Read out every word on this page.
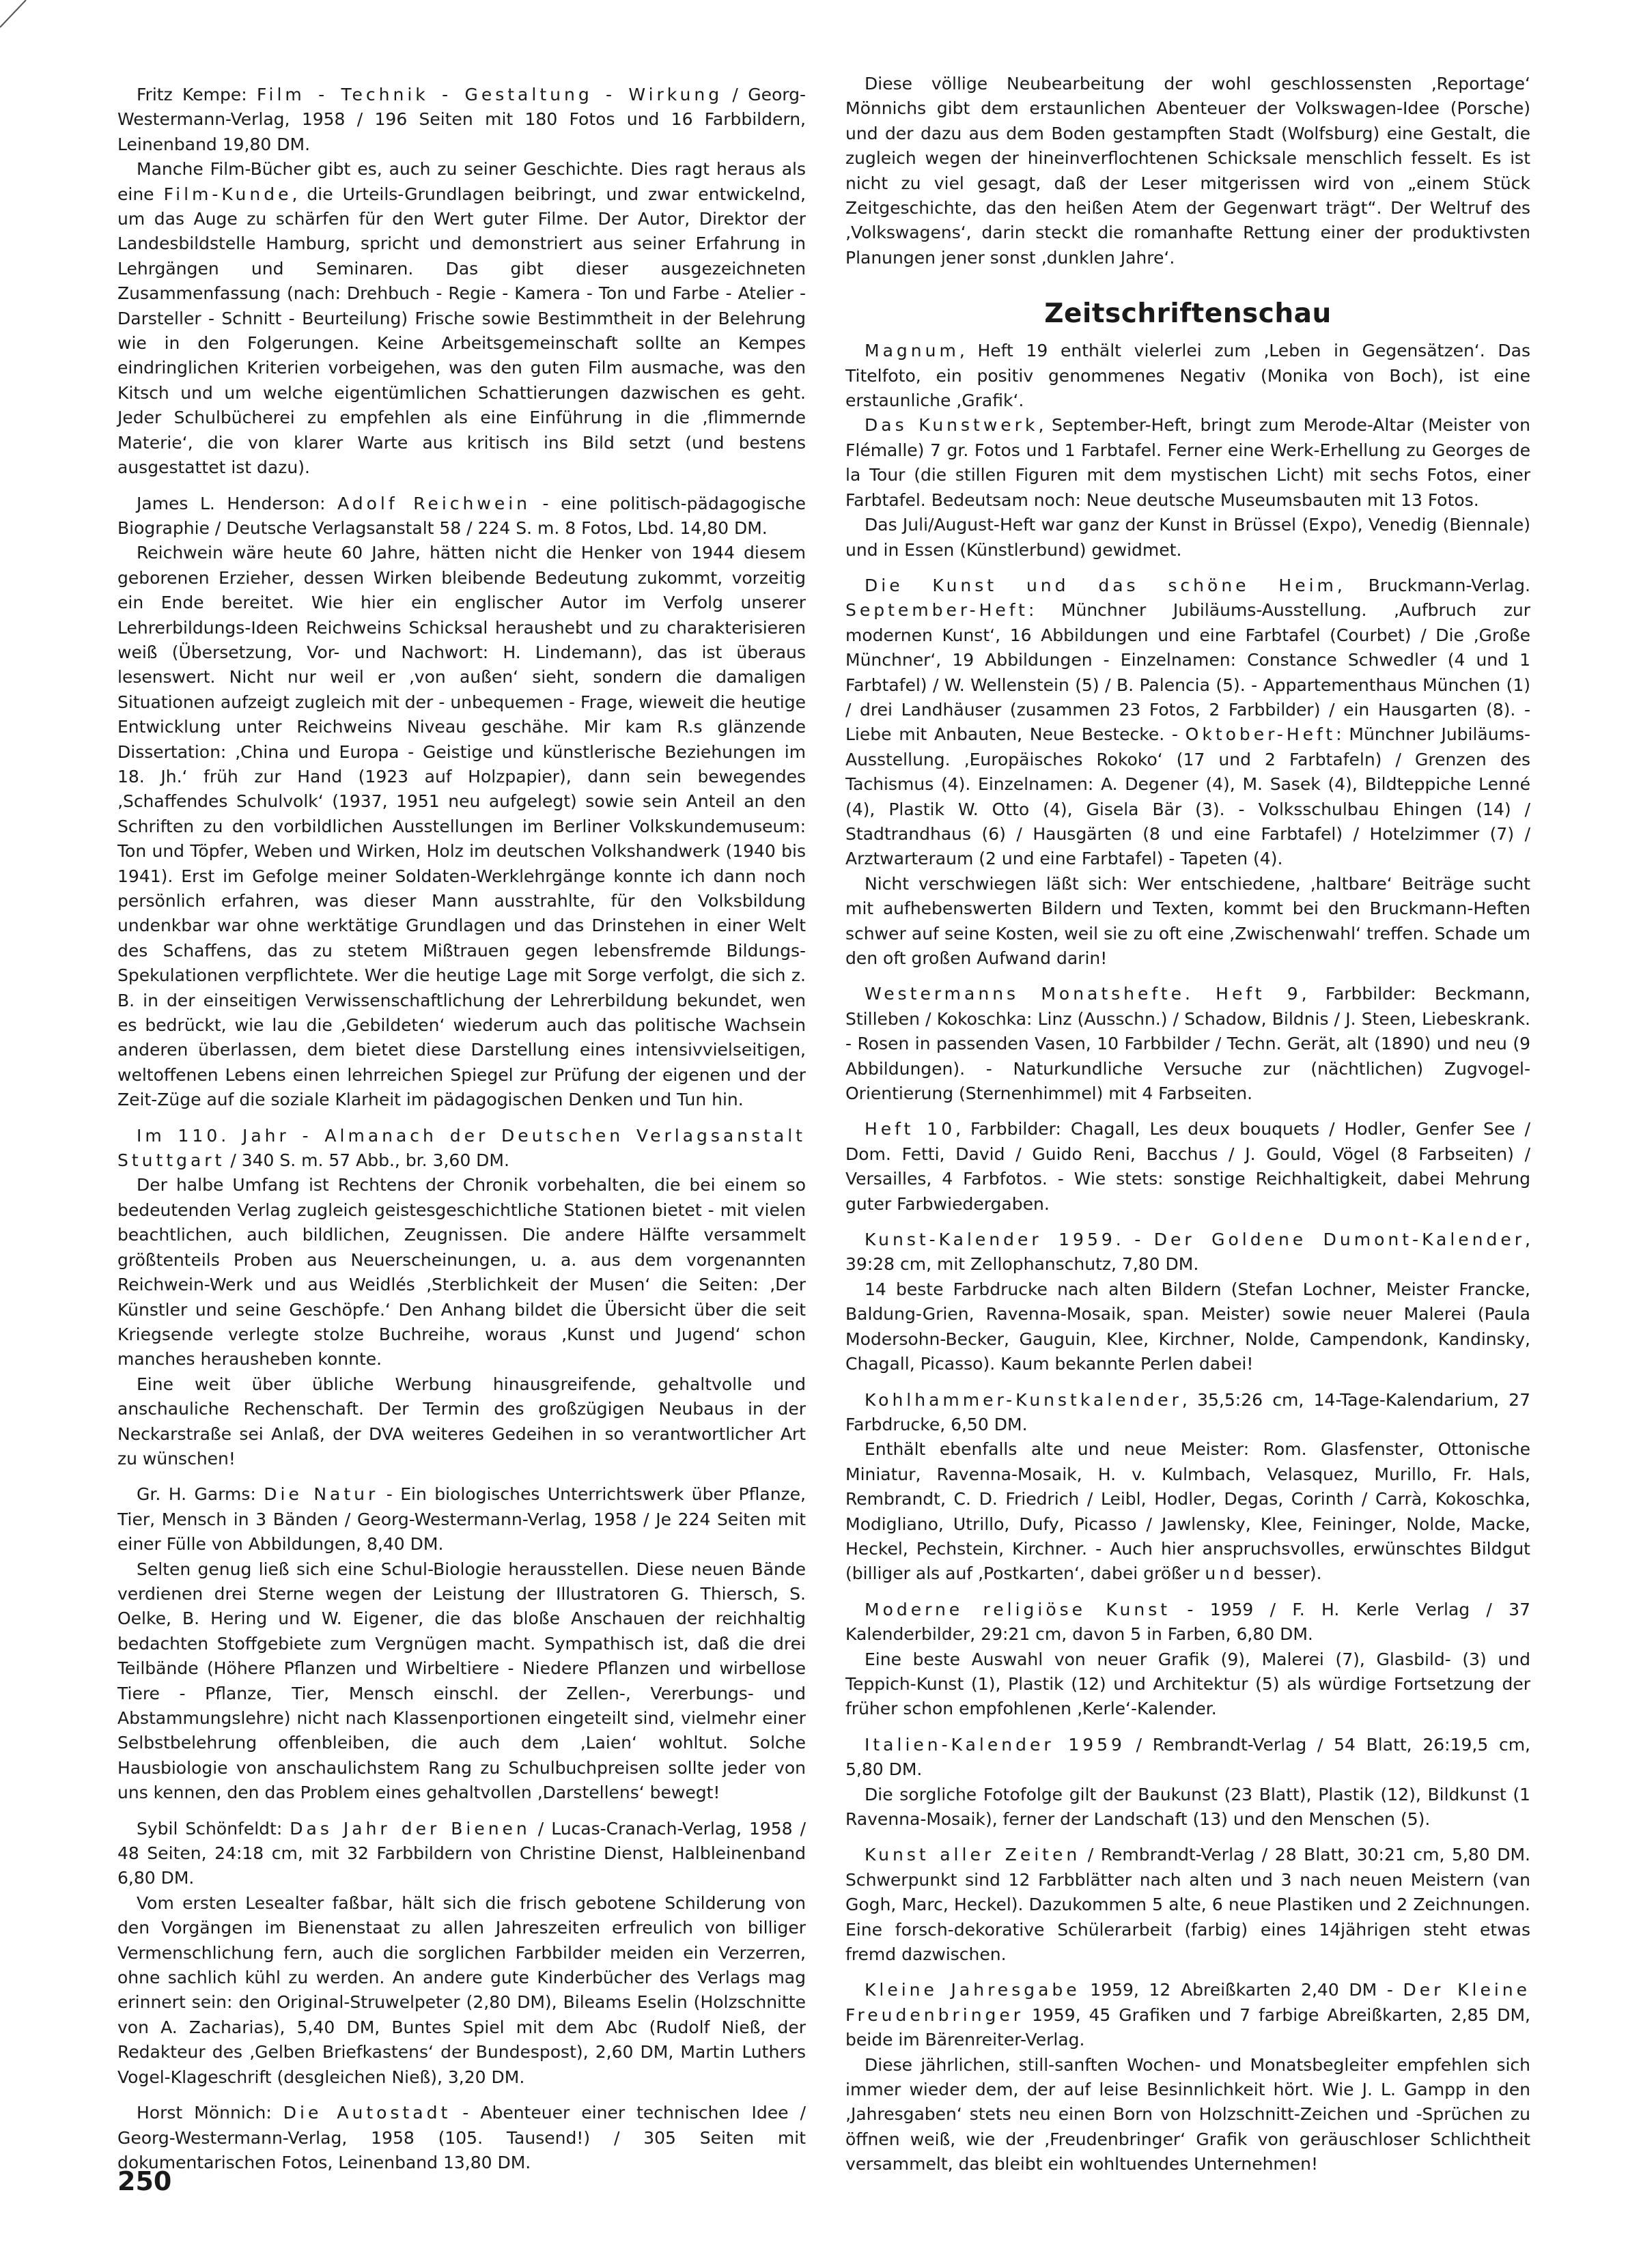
Fritz Kempe: Film - Technik - Gestaltung - Wirkung / Georg-Westermann-Verlag, 1958 / 196 Seiten mit 180 Fotos und 16 Farbbildern, Leinenband 19,80 DM.

Manche Film-Bücher gibt es, auch zu seiner Geschichte. Dies ragt heraus als eine Film-Kunde, die Urteils-Grundlagen beibringt, und zwar entwickelnd, um das Auge zu schärfen für den Wert guter Filme. Der Autor, Direktor der Landesbildstelle Hamburg, spricht und demonstriert aus seiner Erfahrung in Lehrgängen und Seminaren. Das gibt dieser ausgezeichneten Zusammenfassung (nach: Drehbuch - Regie - Kamera - Ton und Farbe - Atelier - Darsteller - Schnitt - Beurteilung) Frische sowie Bestimmtheit in der Belehrung wie in den Folgerungen. Keine Arbeitsgemeinschaft sollte an Kempes eindringlichen Kriterien vorbeigehen, was den guten Film ausmache, was den Kitsch und um welche eigentümlichen Schattierungen dazwischen es geht. Jeder Schulbücherei zu empfehlen als eine Einführung in die ‚flimmernde Materie‘, die von klarer Warte aus kritisch ins Bild setzt (und bestens ausgestattet ist dazu).

James L. Henderson: Adolf Reichwein - eine politisch-pädagogische Biographie / Deutsche Verlagsanstalt 58 / 224 S. m. 8 Fotos, Lbd. 14,80 DM.

Reichwein wäre heute 60 Jahre, hätten nicht die Henker von 1944 diesem geborenen Erzieher, dessen Wirken bleibende Bedeutung zukommt, vorzeitig ein Ende bereitet. Wie hier ein englischer Autor im Verfolg unserer Lehrerbildungs-Ideen Reichweins Schicksal heraushebt und zu charakterisieren weiß (Übersetzung, Vor- und Nachwort: H. Lindemann), das ist überaus lesenswert. Nicht nur weil er ‚von außen‘ sieht, sondern die damaligen Situationen aufzeigt zugleich mit der - unbequemen - Frage, wieweit die heutige Entwicklung unter Reichweins Niveau geschähe. Mir kam R.s glänzende Dissertation: ‚China und Europa - Geistige und künstlerische Beziehungen im 18. Jh.‘ früh zur Hand (1923 auf Holzpapier), dann sein bewegendes ‚Schaffendes Schulvolk‘ (1937, 1951 neu aufgelegt) sowie sein Anteil an den Schriften zu den vorbildlichen Ausstellungen im Berliner Volkskundemuseum: Ton und Töpfer, Weben und Wirken, Holz im deutschen Volkshandwerk (1940 bis 1941). Erst im Gefolge meiner Soldaten-Werklehrgänge konnte ich dann noch persönlich erfahren, was dieser Mann ausstrahlte, für den Volksbildung undenkbar war ohne werktätige Grundlagen und das Drinstehen in einer Welt des Schaffens, das zu stetem Mißtrauen gegen lebensfremde Bildungs-Spekulationen verpflichtete. Wer die heutige Lage mit Sorge verfolgt, die sich z. B. in der einseitigen Verwissenschaftlichung der Lehrerbildung bekundet, wen es bedrückt, wie lau die ‚Gebildeten‘ wiederum auch das politische Wachsein anderen überlassen, dem bietet diese Darstellung eines intensivvielseitigen, weltoffenen Lebens einen lehrreichen Spiegel zur Prüfung der eigenen und der Zeit-Züge auf die soziale Klarheit im pädagogischen Denken und Tun hin.

Im 110. Jahr - Almanach der Deutschen Verlagsanstalt Stuttgart / 340 S. m. 57 Abb., br. 3,60 DM.

Der halbe Umfang ist Rechtens der Chronik vorbehalten, die bei einem so bedeutenden Verlag zugleich geistesgeschichtliche Stationen bietet - mit vielen beachtlichen, auch bildlichen, Zeugnissen. Die andere Hälfte versammelt größtenteils Proben aus Neuerscheinungen, u. a. aus dem vorgenannten Reichwein-Werk und aus Weidlés ‚Sterblichkeit der Musen‘ die Seiten: ‚Der Künstler und seine Geschöpfe.‘ Den Anhang bildet die Übersicht über die seit Kriegsende verlegte stolze Buchreihe, woraus ‚Kunst und Jugend‘ schon manches herausheben konnte.

Eine weit über übliche Werbung hinausgreifende, gehaltvolle und anschauliche Rechenschaft. Der Termin des großzügigen Neubaus in der Neckarstraße sei Anlaß, der DVA weiteres Gedeihen in so verantwortlicher Art zu wünschen!

Gr. H. Garms: Die Natur - Ein biologisches Unterrichtswerk über Pflanze, Tier, Mensch in 3 Bänden / Georg-Westermann-Verlag, 1958 / Je 224 Seiten mit einer Fülle von Abbildungen, 8,40 DM.

Selten genug ließ sich eine Schul-Biologie herausstellen. Diese neuen Bände verdienen drei Sterne wegen der Leistung der Illustratoren G. Thiersch, S. Oelke, B. Hering und W. Eigener, die das bloße Anschauen der reichhaltig bedachten Stoffgebiete zum Vergnügen macht. Sympathisch ist, daß die drei Teilbände (Höhere Pflanzen und Wirbeltiere - Niedere Pflanzen und wirbellose Tiere - Pflanze, Tier, Mensch einschl. der Zellen-, Vererbungs- und Abstammungslehre) nicht nach Klassenportionen eingeteilt sind, vielmehr einer Selbstbelehrung offenbleiben, die auch dem ‚Laien‘ wohltut. Solche Hausbiologie von anschaulichstem Rang zu Schulbuchpreisen sollte jeder von uns kennen, den das Problem eines gehaltvollen ‚Darstellens‘ bewegt!

Sybil Schönfeldt: Das Jahr der Bienen / Lucas-Cranach-Verlag, 1958 / 48 Seiten, 24:18 cm, mit 32 Farbbildern von Christine Dienst, Halbleinenband 6,80 DM.

Vom ersten Lesealter faßbar, hält sich die frisch gebotene Schilderung von den Vorgängen im Bienenstaat zu allen Jahreszeiten erfreulich von billiger Vermenschlichung fern, auch die sorglichen Farbbilder meiden ein Verzerren, ohne sachlich kühl zu werden. An andere gute Kinderbücher des Verlags mag erinnert sein: den Original-Struwelpeter (2,80 DM), Bileams Eselin (Holzschnitte von A. Zacharias), 5,40 DM, Buntes Spiel mit dem Abc (Rudolf Nieß, der Redakteur des ‚Gelben Briefkastens‘ der Bundespost), 2,60 DM, Martin Luthers Vogel-Klageschrift (desgleichen Nieß), 3,20 DM.

Horst Mönnich: Die Autostadt - Abenteuer einer technischen Idee / Georg-Westermann-Verlag, 1958 (105. Tausend!) / 305 Seiten mit dokumentarischen Fotos, Leinenband 13,80 DM.

Diese völlige Neubearbeitung der wohl geschlossensten ‚Reportage‘ Mönnichs gibt dem erstaunlichen Abenteuer der Volkswagen-Idee (Porsche) und der dazu aus dem Boden gestampften Stadt (Wolfsburg) eine Gestalt, die zugleich wegen der hineinverflochtenen Schicksale menschlich fesselt. Es ist nicht zu viel gesagt, daß der Leser mitgerissen wird von „einem Stück Zeitgeschichte, das den heißen Atem der Gegenwart trägt“. Der Weltruf des ‚Volkswagens‘, darin steckt die romanhafte Rettung einer der produktivsten Planungen jener sonst ‚dunklen Jahre‘.

Zeitschriftenschau

Magnum, Heft 19 enthält vielerlei zum ‚Leben in Gegensätzen‘. Das Titelfoto, ein positiv genommenes Negativ (Monika von Boch), ist eine erstaunliche ‚Grafik‘.

Das Kunstwerk, September-Heft, bringt zum Merode-Altar (Meister von Flémalle) 7 gr. Fotos und 1 Farbtafel. Ferner eine Werk-Erhellung zu Georges de la Tour (die stillen Figuren mit dem mystischen Licht) mit sechs Fotos, einer Farbtafel. Bedeutsam noch: Neue deutsche Museumsbauten mit 13 Fotos.

Das Juli/August-Heft war ganz der Kunst in Brüssel (Expo), Venedig (Biennale) und in Essen (Künstlerbund) gewidmet.

Die Kunst und das schöne Heim, Bruckmann-Verlag. September-Heft: Münchner Jubiläums-Ausstellung. ‚Aufbruch zur modernen Kunst‘, 16 Abbildungen und eine Farbtafel (Courbet) / Die ‚Große Münchner‘, 19 Abbildungen - Einzelnamen: Constance Schwedler (4 und 1 Farbtafel) / W. Wellenstein (5) / B. Palencia (5). - Appartementhaus München (1) / drei Landhäuser (zusammen 23 Fotos, 2 Farbbilder) / ein Hausgarten (8). - Liebe mit Anbauten, Neue Bestecke. - Oktober-Heft: Münchner Jubiläums-Ausstellung. ‚Europäisches Rokoko‘ (17 und 2 Farbtafeln) / Grenzen des Tachismus (4). Einzelnamen: A. Degener (4), M. Sasek (4), Bildteppiche Lenné (4), Plastik W. Otto (4), Gisela Bär (3). - Volksschulbau Ehingen (14) / Stadtrandhaus (6) / Hausgärten (8 und eine Farbtafel) / Hotelzimmer (7) / Arztwarteraum (2 und eine Farbtafel) - Tapeten (4).

Nicht verschwiegen läßt sich: Wer entschiedene, ‚haltbare‘ Beiträge sucht mit aufhebenswerten Bildern und Texten, kommt bei den Bruckmann-Heften schwer auf seine Kosten, weil sie zu oft eine ‚Zwischenwahl‘ treffen. Schade um den oft großen Aufwand darin!

Westermanns Monatshefte. Heft 9, Farbbilder: Beckmann, Stilleben / Kokoschka: Linz (Ausschn.) / Schadow, Bildnis / J. Steen, Liebeskrank. - Rosen in passenden Vasen, 10 Farbbilder / Techn. Gerät, alt (1890) und neu (9 Abbildungen). - Naturkundliche Versuche zur (nächtlichen) Zugvogel-Orientierung (Sternenhimmel) mit 4 Farbseiten.

Heft 10, Farbbilder: Chagall, Les deux bouquets / Hodler, Genfer See / Dom. Fetti, David / Guido Reni, Bacchus / J. Gould, Vögel (8 Farbseiten) / Versailles, 4 Farbfotos. - Wie stets: sonstige Reichhaltigkeit, dabei Mehrung guter Farbwiedergaben.

Kunst-Kalender 1959. - Der Goldene Dumont-Kalender, 39:28 cm, mit Zellophanschutz, 7,80 DM.

14 beste Farbdrucke nach alten Bildern (Stefan Lochner, Meister Francke, Baldung-Grien, Ravenna-Mosaik, span. Meister) sowie neuer Malerei (Paula Modersohn-Becker, Gauguin, Klee, Kirchner, Nolde, Campendonk, Kandinsky, Chagall, Picasso). Kaum bekannte Perlen dabei!

Kohlhammer-Kunstkalender, 35,5:26 cm, 14-Tage-Kalendarium, 27 Farbdrucke, 6,50 DM.

Enthält ebenfalls alte und neue Meister: Rom. Glasfenster, Ottonische Miniatur, Ravenna-Mosaik, H. v. Kulmbach, Velasquez, Murillo, Fr. Hals, Rembrandt, C. D. Friedrich / Leibl, Hodler, Degas, Corinth / Carrà, Kokoschka, Modigliano, Utrillo, Dufy, Picasso / Jawlensky, Klee, Feininger, Nolde, Macke, Heckel, Pechstein, Kirchner. - Auch hier anspruchsvolles, erwünschtes Bildgut (billiger als auf ‚Postkarten‘, dabei größer und besser).

Moderne religiöse Kunst - 1959 / F. H. Kerle Verlag / 37 Kalenderbilder, 29:21 cm, davon 5 in Farben, 6,80 DM.

Eine beste Auswahl von neuer Grafik (9), Malerei (7), Glasbild- (3) und Teppich-Kunst (1), Plastik (12) und Architektur (5) als würdige Fortsetzung der früher schon empfohlenen ‚Kerle‘-Kalender.

Italien-Kalender 1959 / Rembrandt-Verlag / 54 Blatt, 26:19,5 cm, 5,80 DM.

Die sorgliche Fotofolge gilt der Baukunst (23 Blatt), Plastik (12), Bildkunst (1 Ravenna-Mosaik), ferner der Landschaft (13) und den Menschen (5).

Kunst aller Zeiten / Rembrandt-Verlag / 28 Blatt, 30:21 cm, 5,80 DM. Schwerpunkt sind 12 Farbblätter nach alten und 3 nach neuen Meistern (van Gogh, Marc, Heckel). Dazukommen 5 alte, 6 neue Plastiken und 2 Zeichnungen. Eine forsch-dekorative Schülerarbeit (farbig) eines 14jährigen steht etwas fremd dazwischen.

Kleine Jahresgabe 1959, 12 Abreißkarten 2,40 DM - Der Kleine Freudenbringer 1959, 45 Grafiken und 7 farbige Abreißkarten, 2,85 DM, beide im Bärenreiter-Verlag.

Diese jährlichen, still-sanften Wochen- und Monatsbegleiter empfehlen sich immer wieder dem, der auf leise Besinnlichkeit hört. Wie J. L. Gampp in den ‚Jahresgaben‘ stets neu einen Born von Holzschnitt-Zeichen und -Sprüchen zu öffnen weiß, wie der ‚Freudenbringer‘ Grafik von geräuschloser Schlichtheit versammelt, das bleibt ein wohltuendes Unternehmen!

250
